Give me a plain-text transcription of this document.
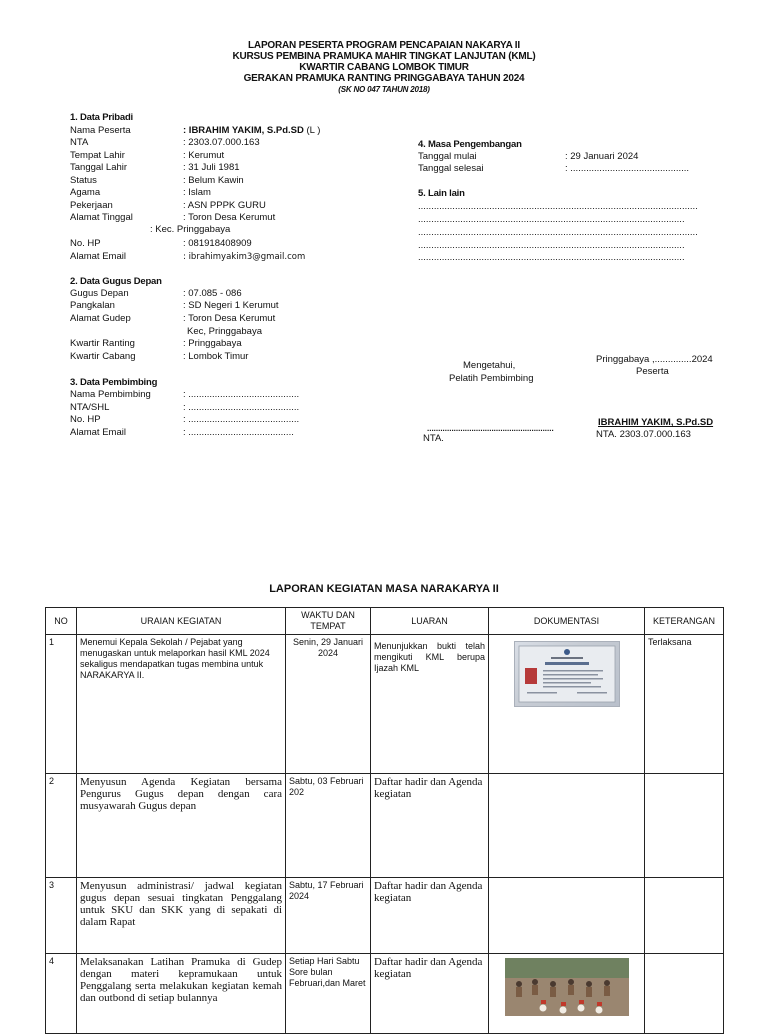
LAPORAN PESERTA PROGRAM PENCAPAIAN NAKARYA II
KURSUS PEMBINA PRAMUKA MAHIR TINGKAT LANJUTAN (KML)
KWARTIR CABANG LOMBOK TIMUR
GERAKAN PRAMUKA RANTING PRINGGABAYA TAHUN 2024
(SK NO 047 TAHUN 2018)
1. Data Pribadi
Nama Peserta	: IBRAHIM YAKIM, S.Pd.SD (L )
NTA	: 2303.07.000.163
Tempat Lahir	: Kerumut
Tanggal Lahir	: 31 Juli 1981
Status	: Belum Kawin
Agama	: Islam
Pekerjaan	: ASN PPPK GURU
Alamat Tinggal	: Toron Desa Kerumut
: Kec. Pringgabaya
No. HP	: 081918408909
Alamat Email	: ibrahimyakim3@gmail.com
2. Data Gugus Depan
Gugus Depan	: 07.085 - 086
Pangkalan	: SD Negeri 1 Kerumut
Alamat Gudep	: Toron Desa Kerumut
Kec, Pringgabaya
Kwartir Ranting	: Pringgabaya
Kwartir Cabang	: Lombok Timur
3. Data Pembimbing
Nama Pembimbing	: ..........................................
NTA/SHL	: ..........................................
No. HP	: ..........................................
Alamat Email	: ........................................
4. Masa Pengembangan
Tanggal mulai	: 29 Januari 2024
Tanggal selesai	: .............................................
5. Lain lain
..........................................................................................................
.....................................................................................................
..........................................................................................................
.....................................................................................................
.....................................................................................................
Mengetahui,
Pelatih Pembimbing
Pringgabaya ,..............2024
Peserta
.........................................................
NTA.
IBRAHIM YAKIM, S.Pd.SD
NTA. 2303.07.000.163
LAPORAN KEGIATAN MASA NARAKARYA II
NO	URAIAN KEGIATAN	WAKTU DAN TEMPAT	LUARAN	DOKUMENTASI	KETERANGAN
1	Menemui Kepala Sekolah / Pejabat yang menugaskan untuk melaporkan hasil KML 2024 sekaligus mendapatkan tugas membina untuk NARAKARYA II.	Senin, 29 Januari 2024	Menunjukkan bukti telah mengikuti KML berupa Ijazah KML		Terlaksana
2	Menyusun Agenda Kegiatan bersama Pengurus Gugus depan dengan cara musyawarah Gugus depan	Sabtu, 03 Februari 202	Daftar hadir dan Agenda kegiatan		
3	Menyusun administrasi/ jadwal kegiatan gugus depan sesuai tingkatan Penggalang untuk SKU dan SKK yang di sepakati di dalam Rapat	Sabtu, 17 Februari 2024	Daftar hadir dan Agenda kegiatan		
4	Melaksanakan Latihan Pramuka di Gudep dengan materi kepramukaan untuk Penggalang serta melakukan kegiatan kemah dan outbond di setiap bulannya	Setiap Hari Sabtu Sore bulan Februari,dan Maret	Daftar hadir dan Agenda kegiatan	
